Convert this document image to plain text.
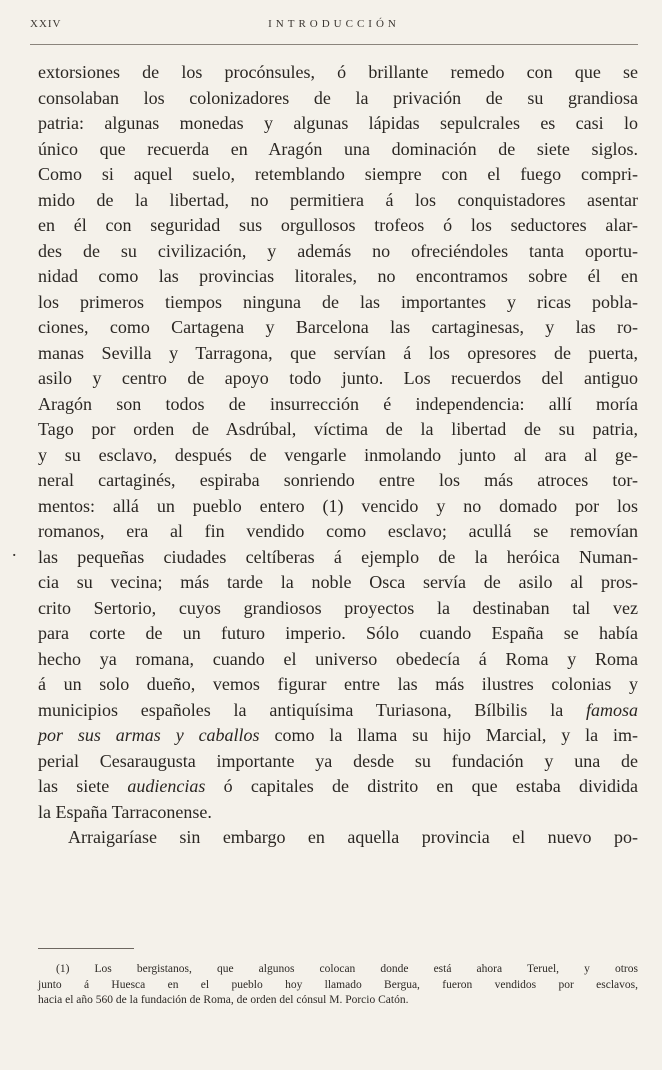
XXIV	INTRODUCCIÓN
.
extorsiones de los procónsules, ó brillante remedo con que se
consolaban los colonizadores de la privación de su grandiosa
patria: algunas monedas y algunas lápidas sepulcrales es casi lo
único que recuerda en Aragón una dominación de siete siglos.
Como si aquel suelo, retemblando siempre con el fuego compri-
mido de la libertad, no permitiera á los conquistadores asentar
en él con seguridad sus orgullosos trofeos ó los seductores alar-
des de su civilización, y además no ofreciéndoles tanta oportu-
nidad como las provincias litorales, no encontramos sobre él en
los primeros tiempos ninguna de las importantes y ricas pobla-
ciones, como Cartagena y Barcelona las cartaginesas, y las ro-
manas Sevilla y Tarragona, que servían á los opresores de puerta,
asilo y centro de apoyo todo junto. Los recuerdos del antiguo
Aragón son todos de insurrección é independencia: allí moría
Tago por orden de Asdrúbal, víctima de la libertad de su patria,
y su esclavo, después de vengarle inmolando junto al ara al ge-
neral cartaginés, espiraba sonriendo entre los más atroces tor-
mentos: allá un pueblo entero (1) vencido y no domado por los
romanos, era al fin vendido como esclavo; acullá se removían
las pequeñas ciudades celtíberas á ejemplo de la heróica Numan-
cia su vecina; más tarde la noble Osca servía de asilo al pros-
crito Sertorio, cuyos grandiosos proyectos la destinaban tal vez
para corte de un futuro imperio. Sólo cuando España se había
hecho ya romana, cuando el universo obedecía á Roma y Roma
á un solo dueño, vemos figurar entre las más ilustres colonias y
municipios españoles la antiquísima Turiasona, Bílbilis la famosa
por sus armas y caballos como la llama su hijo Marcial, y la im-
perial Cesaraugusta importante ya desde su fundación y una de
las siete audiencias ó capitales de distrito en que estaba dividida
la España Tarraconense.
Arraigaríase sin embargo en aquella provincia el nuevo po-
(1) Los bergistanos, que algunos colocan donde está ahora Teruel, y otros
junto á Huesca en el pueblo hoy llamado Bergua, fueron vendidos por esclavos,
hacia el año 560 de la fundación de Roma, de orden del cónsul M. Porcio Catón.
